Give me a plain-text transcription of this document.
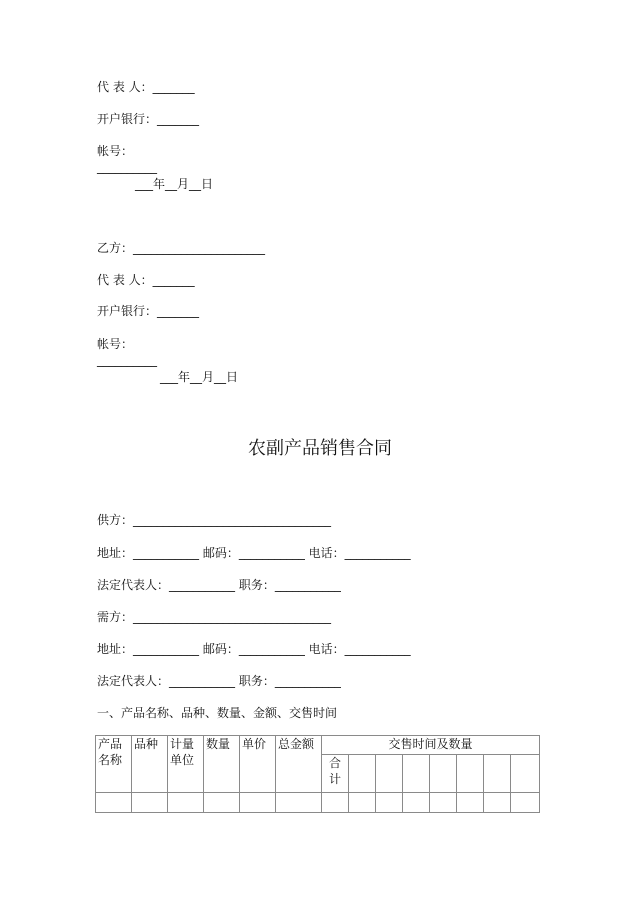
代 表 人：_______
开户银行：_______
帐号：
__________
___年__月__日
乙方：______________________
代 表 人：_______
开户银行：_______
帐号：
__________
___年__月__日
农副产品销售合同
供方：_________________________________
地址：___________ 邮码：___________ 电话：___________
法定代表人：___________ 职务：___________
需方：_________________________________
地址：___________ 邮码：___________ 电话：___________
法定代表人：___________ 职务：___________
一、产品名称、品种、数量、金额、交售时间
产品名称	品种	计量单位	数量	单价	总金额	交售时间及数量							
						合计							
